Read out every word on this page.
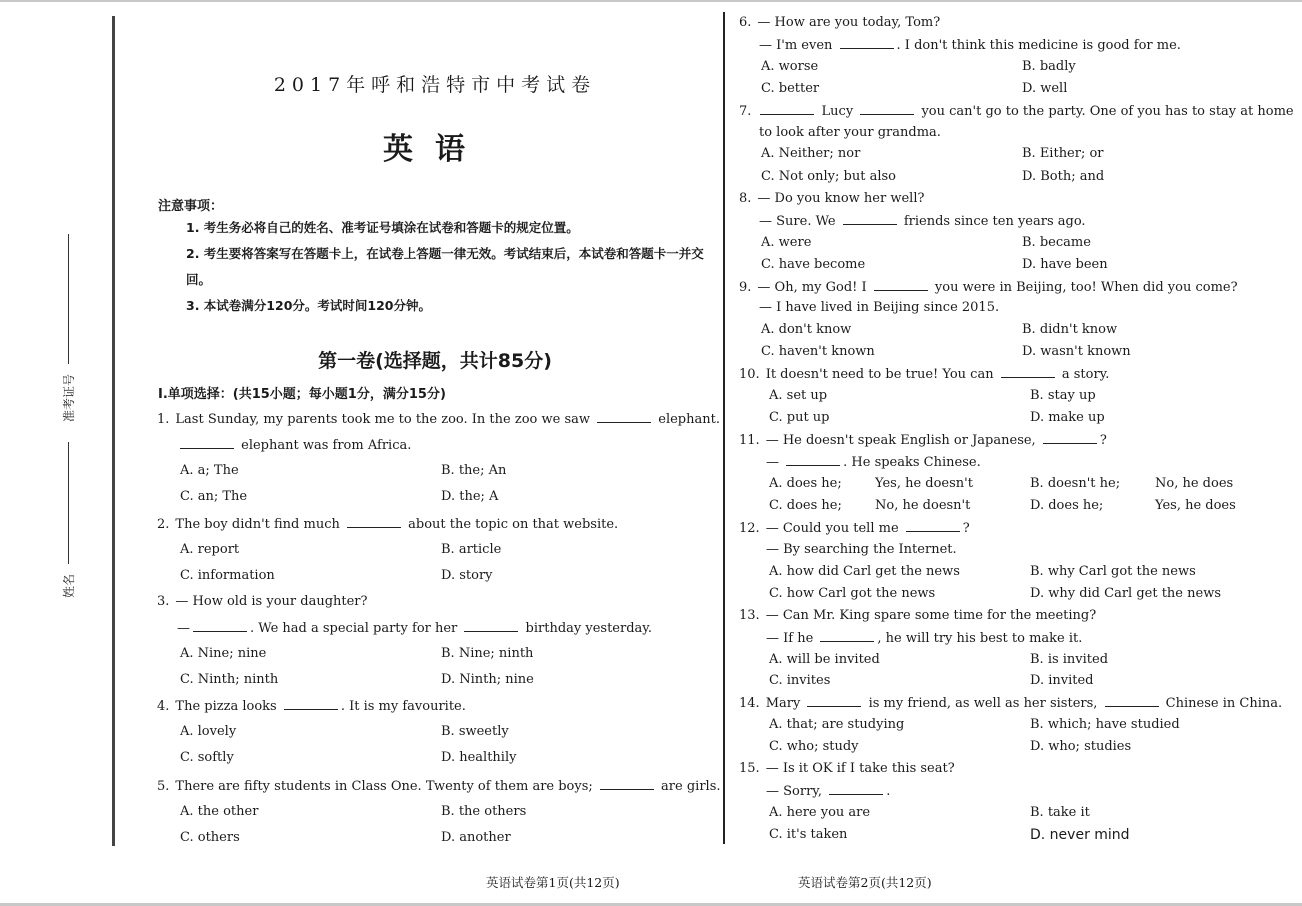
准考证号
姓名
2017年呼和浩特市中考试卷
英语
注意事项：
1. 考生务必将自己的姓名、准考证号填涂在试卷和答题卡的规定位置。
2. 考生要将答案写在答题卡上，在试卷上答题一律无效。考试结束后，本试卷和答题卡一并交回。
3. 本试卷满分120分。考试时间120分钟。
第一卷(选择题，共计85分)
Ⅰ.单项选择：(共15小题；每小题1分，满分15分)
1. Last Sunday, my parents took me to the zoo. In the zoo we saw	elephant.
elephant was from Africa.
A. a; The	B. the; An
C. an; The	D. the; A
2. The boy didn't find much	about the topic on that website.
A. report	B. article
C. information	D. story
3. — How old is your daughter?
—	. We had a special party for her	birthday yesterday.
A. Nine; nine	B. Nine; ninth
C. Ninth; ninth	D. Ninth; nine
4. The pizza looks	. It is my favourite.
A. lovely	B. sweetly
C. softly	D. healthily
5. There are fifty students in Class One. Twenty of them are boys;	are girls.
A. the other	B. the others
C. others	D. another
6. — How are you today, Tom?
— I'm even	. I don't think this medicine is good for me.
A. worse	B. badly
C. better	D. well
7.	Lucy	you can't go to the party. One of you has to stay at home
to look after your grandma.
A. Neither; nor	B. Either; or
C. Not only; but also	D. Both; and
8. — Do you know her well?
— Sure. We	friends since ten years ago.
A. were	B. became
C. have become	D. have been
9. — Oh, my God! I	you were in Beijing, too! When did you come?
— I have lived in Beijing since 2015.
A. don't know	B. didn't know
C. haven't known	D. wasn't known
10. It doesn't need to be true! You can	a story.
A. set up	B. stay up
C. put up	D. make up
11. — He doesn't speak English or Japanese,	?
—	. He speaks Chinese.
A. does he;	Yes, he doesn't	B. doesn't he;	No, he does
C. does he;	No, he doesn't	D. does he;	Yes, he does
12. — Could you tell me	?
— By searching the Internet.
A. how did Carl get the news	B. why Carl got the news
C. how Carl got the news	D. why did Carl get the news
13. — Can Mr. King spare some time for the meeting?
— If he	, he will try his best to make it.
A. will be invited	B. is invited
C. invites	D. invited
14. Mary	is my friend, as well as her sisters,	Chinese in China.
A. that; are studying	B. which; have studied
C. who; study	D. who; studies
15. — Is it OK if I take this seat?
— Sorry,	.
A. here you are	B. take it
C. it's taken	D. never mind
英语试卷第1页(共12页)	英语试卷第2页(共12页)
